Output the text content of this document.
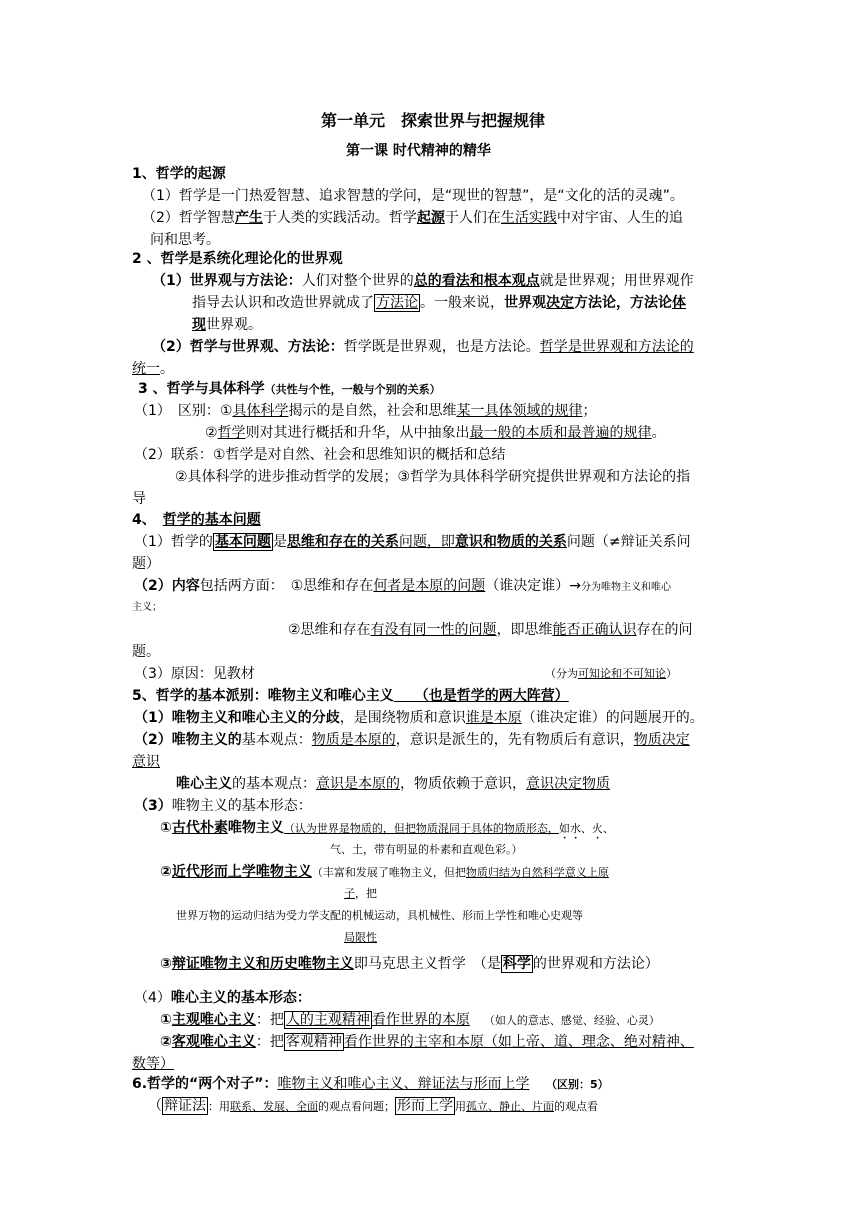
第一单元　探索世界与把握规律
第一课 时代精神的精华
1、哲学的起源
（1）哲学是一门热爱智慧、追求智慧的学问，是“现世的智慧”，是“文化的活的灵魂”。
（2）哲学智慧产生于人类的实践活动。哲学起源于人们在生活实践中对宇宙、人生的追
问和思考。
2 、哲学是系统化理论化的世界观
（1）世界观与方法论：人们对整个世界的总的看法和根本观点就是世界观；用世界观作
指导去认识和改造世界就成了 方法论 。一般来说，世界观决定方法论，方法论体
现世界观。
（2）哲学与世界观、方法论：哲学既是世界观，也是方法论。哲学是世界观和方法论的
统一。
3 、哲学与具体科学（共性与个性，一般与个别的关系）
（1）　区别：①具体科学揭示的是自然，社会和思维某一具体领域的规律；
②哲学则对其进行概括和升华，从中抽象出最一般的本质和最普遍的规律。
（2）联系：①哲学是对自然、社会和思维知识的概括和总结
②具体科学的进步推动哲学的发展；③哲学为具体科学研究提供世界观和方法论的指
导
4、　哲学的基本问题
（1）哲学的 基本问题 是思维和存在的关系问题，即意识和物质的关系问题（≠辩证关系问
题）
（2）内容包括两方面：　①思维和存在何者是本原的问题（谁决定谁）→分为唯物主义和唯心
主义；
②思维和存在有没有同一性的问题，即思维能否正确认识存在的问
题。
（3）原因：见教材	（分为可知论和不可知论）
5、哲学的基本派别：唯物主义和唯心主义　　（也是哲学的两大阵营）
（1）唯物主义和唯心主义的分歧，是围绕物质和意识谁是本原（谁决定谁）的问题展开的。
（2）唯物主义的基本观点：物质是本原的，意识是派生的，先有物质后有意识，物质决定
意识
唯心主义的基本观点：意识是本原的，物质依赖于意识，意识决定物质
（3）唯物主义的基本形态：
①古代朴素唯物主义（认为世界是物质的，但把物质混同于具体的物质形态，如水、火、
气、土，带有明显的朴素和直观色彩。）
②近代形而上学唯物主义（丰富和发展了唯物主义，但把物质归结为自然科学意义上原
子，把
世界万物的运动归结为受力学支配的机械运动，具机械性、形而上学性和唯心史观等
局限性
③辩证唯物主义和历史唯物主义即马克思主义哲学　（是 科学 的世界观和方法论）
（4）唯心主义的基本形态：
①主观唯心主义：把 人的主观精神 看作世界的本原 （如人的意志、感觉、经验、心灵）
②客观唯心主义：把 客观精神 看作世界的主宰和本原（如上帝、道、理念、绝对精神、
数等）
6.哲学的“两个对子”：唯物主义和唯心主义、辩证法与形而上学　　（区别：5）
（ 辩证法 ：用联系、发展、全面的观点看问题； 形而上学 用孤立、静止、片面的观点看
